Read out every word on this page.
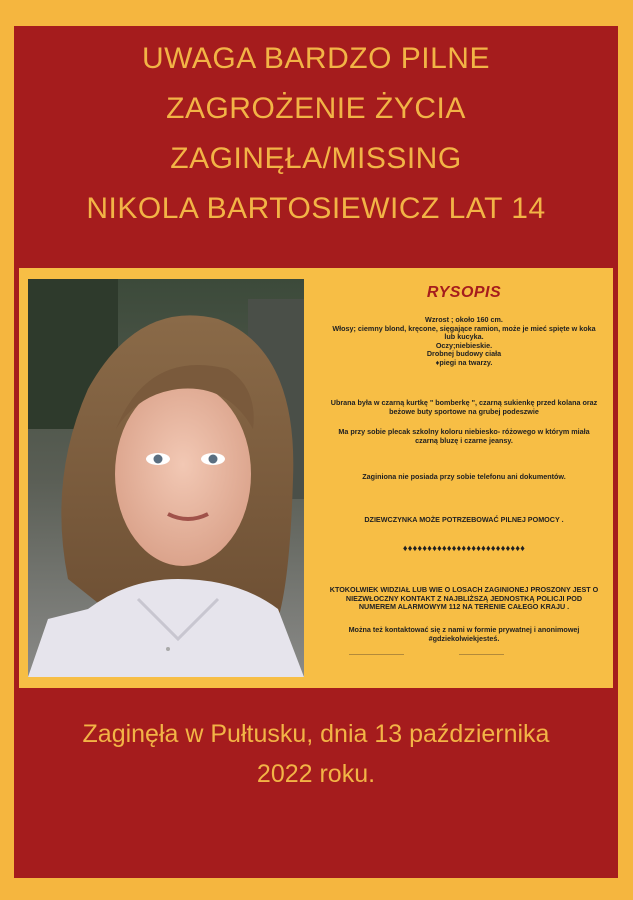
UWAGA BARDZO PILNE
ZAGROŻENIE ŻYCIA
ZAGINĘŁA/MISSING
NIKOLA BARTOSIEWICZ LAT 14
RYSOPIS

Wzrost ; około 160 cm.
Włosy; ciemny blond, kręcone, sięgające ramion, może je mieć spięte w koka lub kucyka.
Oczy;niebieskie.
Drobnej budowy ciała
♦piegi na twarzy.

Ubrana była w czarną kurtkę " bomberkę ", czarną sukienkę przed kolana oraz beżowe buty sportowe na grubej podeszwie

Ma przy sobie plecak szkolny koloru niebiesko- różowego w którym miała czarną bluzę i czarne jeansy.

Zaginiona nie posiada przy sobie telefonu ani dokumentów.

DZIEWCZYNKA MOŻE POTRZEBOWAĆ PILNEJ POMOCY .

♦♦♦♦♦♦♦♦♦♦♦♦♦♦♦♦♦♦♦♦♦♦♦♦♦

KTOKOLWIEK WIDZIAŁ LUB WIE O LOSACH ZAGINIONEJ PROSZONY JEST O NIEZWŁOCZNY KONTAKT Z NAJBLIŻSZĄ JEDNOSTKĄ POLICJI POD NUMEREM ALARMOWYM 112 NA TERENIE CAŁEGO KRAJU .

Można też kontaktować się z nami w formie prywatnej i anonimowej #gdziekolwiekjesteś.

Zaginęła w Pułtusku, dnia 13 października
2022 roku.
